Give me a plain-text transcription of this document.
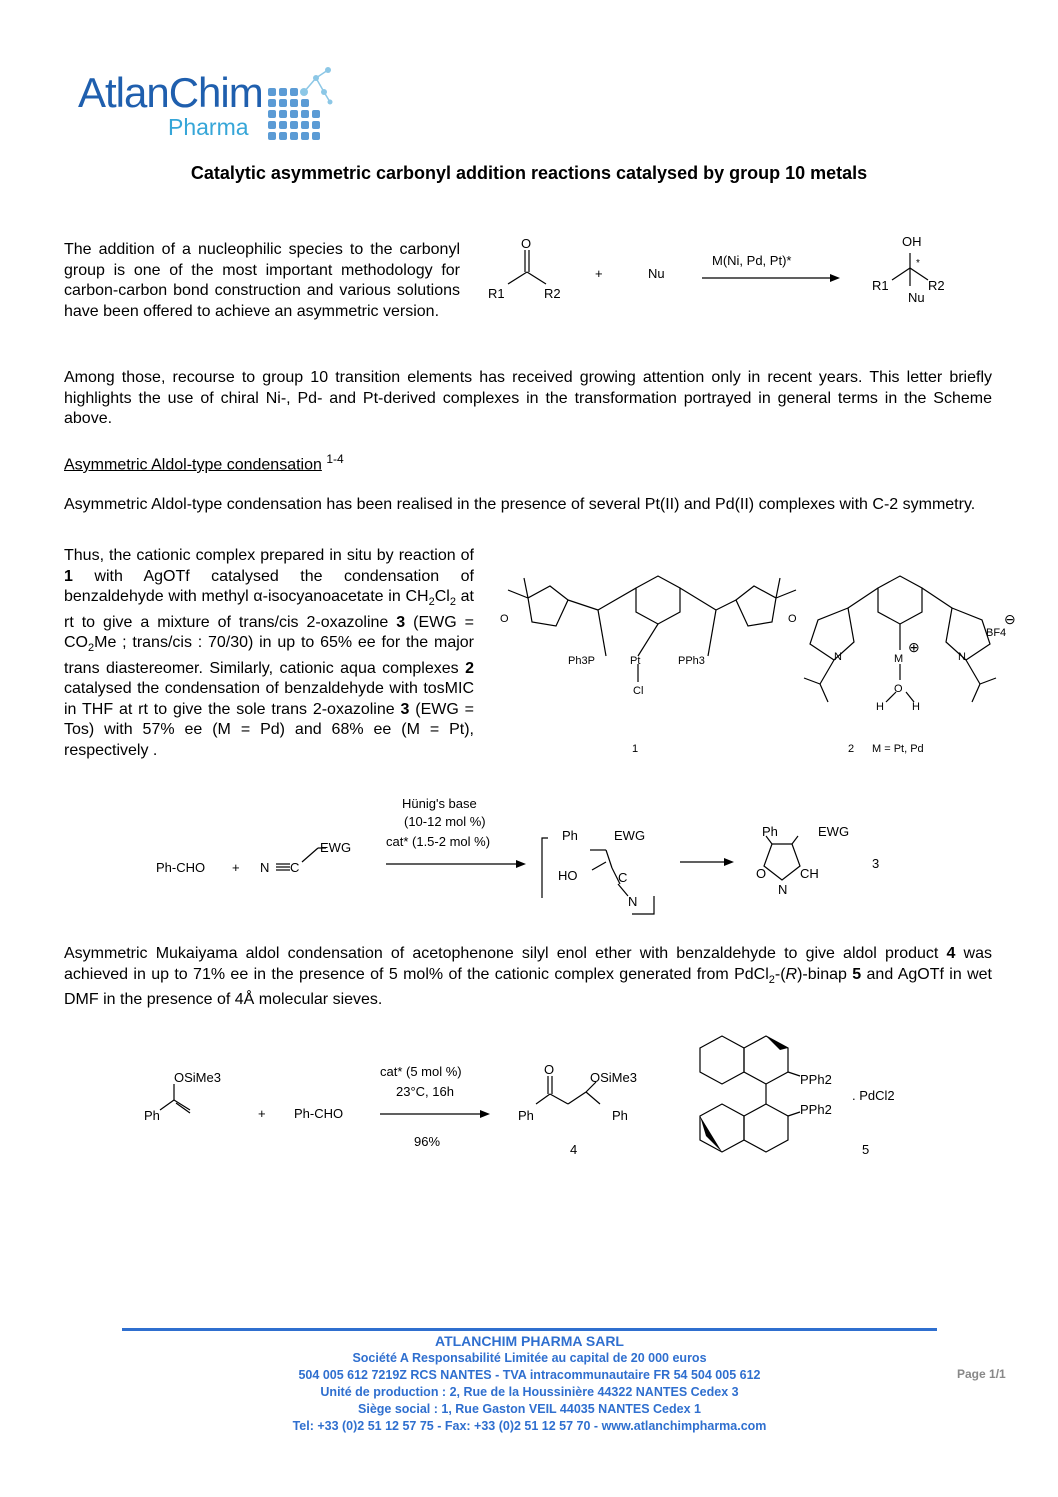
AtlanChim
Pharma
Catalytic asymmetric carbonyl addition reactions catalysed by group 10 metals
The addition of a nucleophilic species to the carbonyl group is one of the most important methodology for carbon-carbon bond construction and various solutions have been offered to achieve an asymmetric version.
O
R1	R2
+	Nu
M(Ni, Pd, Pt)*
OH
*
R1	R2
Nu
Among those, recourse to group 10 transition elements has received growing attention only in recent years. This letter briefly highlights the use of chiral Ni-, Pd- and Pt-derived complexes in the transformation portrayed in general terms in the Scheme above.
Asymmetric Aldol-type condensation $^{1-4}$
Asymmetric Aldol-type condensation has been realised in the presence of several Pt(II) and Pd(II) complexes with C-2 symmetry.
Thus, the cationic complex prepared in situ by reaction of 1 with AgOTf catalysed the condensation of benzaldehyde with methyl α-isocyanoacetate in $CH_2Cl_2$ at rt to give a mixture of trans/cis 2-oxazoline 3 ($EWG = CO_2Me$ ; trans/cis : 70/30) in up to 65% ee for the major trans diastereomer. Similarly, cationic aqua complexes 2 catalysed the condensation of benzaldehyde with tosMIC in THF at rt to give the sole trans 2-oxazoline 3 (EWG = Tos) with 57% ee (M = Pd) and 68% ee (M = Pt), respectively .
O	O
Ph3P	Pt	PPh3
Cl
1
N	N
M
⊕
O
H	H
BF4
⊖
2 M = Pt, Pd
Ph-CHO + N C
EWG
Hünig's base
(10-12 mol %)
cat* (1.5-2 mol %)	Ph	EWG
HO	C
N
Ph	EWG
O	CH
N
3
Asymmetric Mukaiyama aldol condensation of acetophenone silyl enol ether with benzaldehyde to give aldol product 4 was achieved in up to 71% ee in the presence of 5 mol% of the cationic complex generated from PdCl$_2$-(R)-binap 5 and AgOTf in wet DMF in the presence of 4Å molecular sieves.
OSiMe3
Ph	+ Ph-CHO
cat* (5 mol %)
23°C, 16h
96%
O
OSiMe3
Ph	Ph
4
PPh2
PPh2
. PdCl2
5
ATLANCHIM PHARMA SARL
Société A Responsabilité Limitée au capital de 20 000 euros
504 005 612 7219Z RCS NANTES - TVA intracommunautaire FR 54 504 005 612
Unité de production : 2, Rue de la Houssinière 44322 NANTES Cedex 3
Siège social : 1, Rue Gaston VEIL 44035 NANTES Cedex 1
Tel: +33 (0)2 51 12 57 75 - Fax: +33 (0)2 51 12 57 70 - www.atlanchimpharma.com
Page 1/1
